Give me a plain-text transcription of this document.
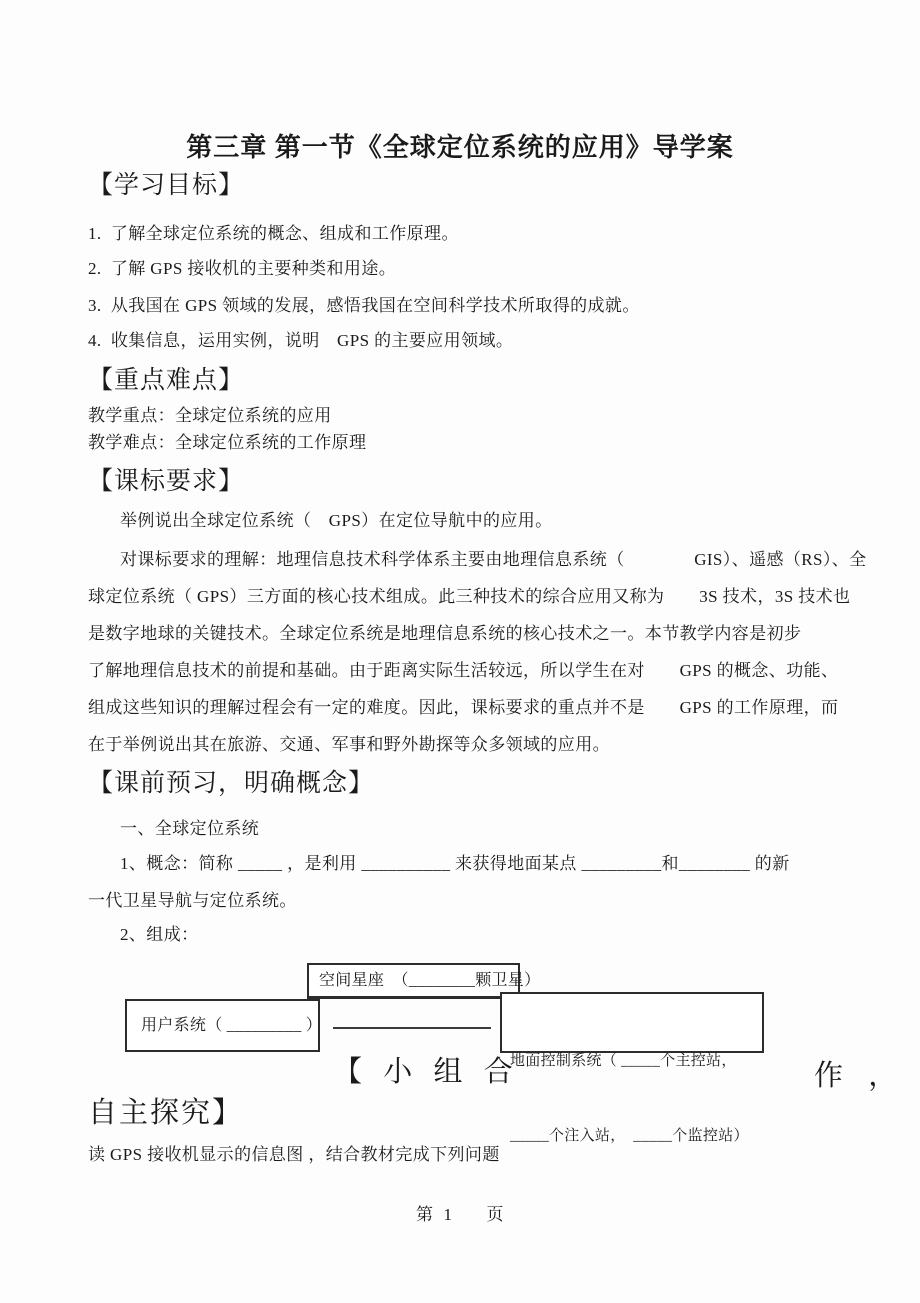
第三章 第一节《全球定位系统的应用》导学案
【学习目标】
1.  了解全球定位系统的概念、组成和工作原理。
2.  了解 GPS 接收机的主要种类和用途。
3.  从我国在 GPS 领域的发展，感悟我国在空间科学技术所取得的成就。
4.  收集信息，运用实例，说明　GPS 的主要应用领域。
【重点难点】
教学重点：全球定位系统的应用
教学难点：全球定位系统的工作原理
【课标要求】
举例说出全球定位系统（　GPS）在定位导航中的应用。
对课标要求的理解：地理信息技术科学体系主要由地理信息系统（　　　　GIS）、遥感（RS）、全
球定位系统（ GPS）三方面的核心技术组成。此三种技术的综合应用又称为　　3S 技术，3S 技术也
是数字地球的关键技术。全球定位系统是地理信息系统的核心技术之一。本节教学内容是初步
了解地理信息技术的前提和基础。由于距离实际生活较远，所以学生在对　　GPS 的概念、功能、
组成这些知识的理解过程会有一定的难度。因此，课标要求的重点并不是　　GPS 的工作原理，而
在于举例说出其在旅游、交通、军事和野外勘探等众多领域的应用。
【课前预习，明确概念】
一、全球定位系统
1、概念：简称 _____ ，是利用 __________ 来获得地面某点 _________和________ 的新
一代卫星导航与定位系统。
2、组成：
空间星座　（________颗卫星）
用户系统（ _________ ）

地面控制系统（ _____个主控站，

_____个注入站，　_____个监控站）

【 小 组 合	作 ，
自主探究】
读 GPS 接收机显示的信息图 ，结合教材完成下列问题
第 1 页
